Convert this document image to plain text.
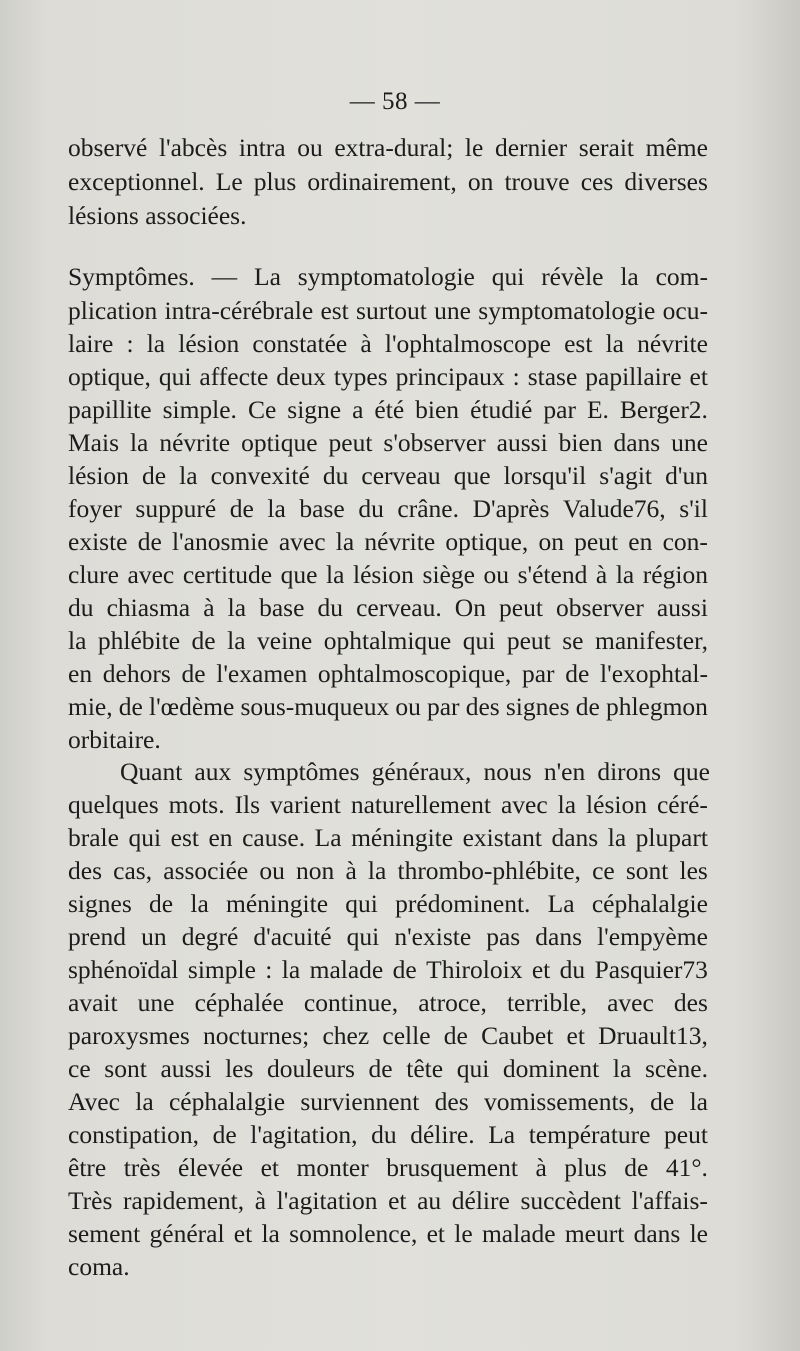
— 58 —
observé l'abcès intra ou extra-dural; le dernier serait même
exceptionnel. Le plus ordinairement, on trouve ces diverses
lésions associées.
Symptômes. — La symptomatologie qui révèle la com-
plication intra-cérébrale est surtout une symptomatologie ocu-
laire : la lésion constatée à l'ophtalmoscope est la névrite
optique, qui affecte deux types principaux : stase papillaire et
papillite simple. Ce signe a été bien étudié par E. Berger2.
Mais la névrite optique peut s'observer aussi bien dans une
lésion de la convexité du cerveau que lorsqu'il s'agit d'un
foyer suppuré de la base du crâne. D'après Valude76, s'il
existe de l'anosmie avec la névrite optique, on peut en con-
clure avec certitude que la lésion siège ou s'étend à la région
du chiasma à la base du cerveau. On peut observer aussi
la phlébite de la veine ophtalmique qui peut se manifester,
en dehors de l'examen ophtalmoscopique, par de l'exophtal-
mie, de l'œdème sous-muqueux ou par des signes de phlegmon
orbitaire.
Quant aux symptômes généraux, nous n'en dirons que
quelques mots. Ils varient naturellement avec la lésion céré-
brale qui est en cause. La méningite existant dans la plupart
des cas, associée ou non à la thrombo-phlébite, ce sont les
signes de la méningite qui prédominent. La céphalalgie
prend un degré d'acuité qui n'existe pas dans l'empyème
sphénoïdal simple : la malade de Thiroloix et du Pasquier73
avait une céphalée continue, atroce, terrible, avec des
paroxysmes nocturnes; chez celle de Caubet et Druault13,
ce sont aussi les douleurs de tête qui dominent la scène.
Avec la céphalalgie surviennent des vomissements, de la
constipation, de l'agitation, du délire. La température peut
être très élevée et monter brusquement à plus de 41°.
Très rapidement, à l'agitation et au délire succèdent l'affais-
sement général et la somnolence, et le malade meurt dans le
coma.
